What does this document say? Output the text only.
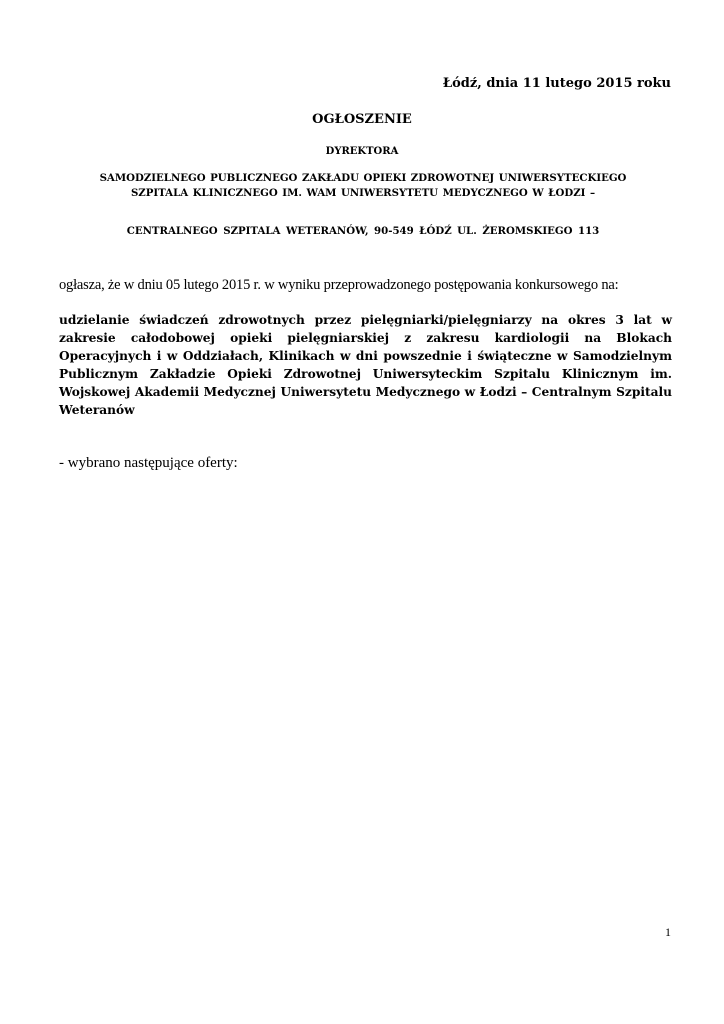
Łódź, dnia 11 lutego 2015 roku
OGŁOSZENIE
DYREKTORA
SAMODZIELNEGO PUBLICZNEGO ZAKŁADU OPIEKI ZDROWOTNEJ UNIWERSYTECKIEGO
SZPITALA KLINICZNEGO IM. WAM UNIWERSYTETU MEDYCZNEGO W ŁODZI –
CENTRALNEGO SZPITALA WETERANÓW, 90-549 ŁÓDŹ UL. ŻEROMSKIEGO 113
ogłasza, że w dniu 05 lutego 2015 r. w wyniku przeprowadzonego postępowania konkursowego na:
udzielanie świadczeń zdrowotnych przez pielęgniarki/pielęgniarzy na okres 3 lat w zakresie całodobowej opieki pielęgniarskiej z zakresu kardiologii na Blokach Operacyjnych i w Oddziałach, Klinikach w dni powszednie i świąteczne w Samodzielnym Publicznym Zakładzie Opieki Zdrowotnej Uniwersyteckim Szpitalu Klinicznym im. Wojskowej Akademii Medycznej Uniwersytetu Medycznego w Łodzi – Centralnym Szpitalu Weteranów
- wybrano następujące oferty:
1
